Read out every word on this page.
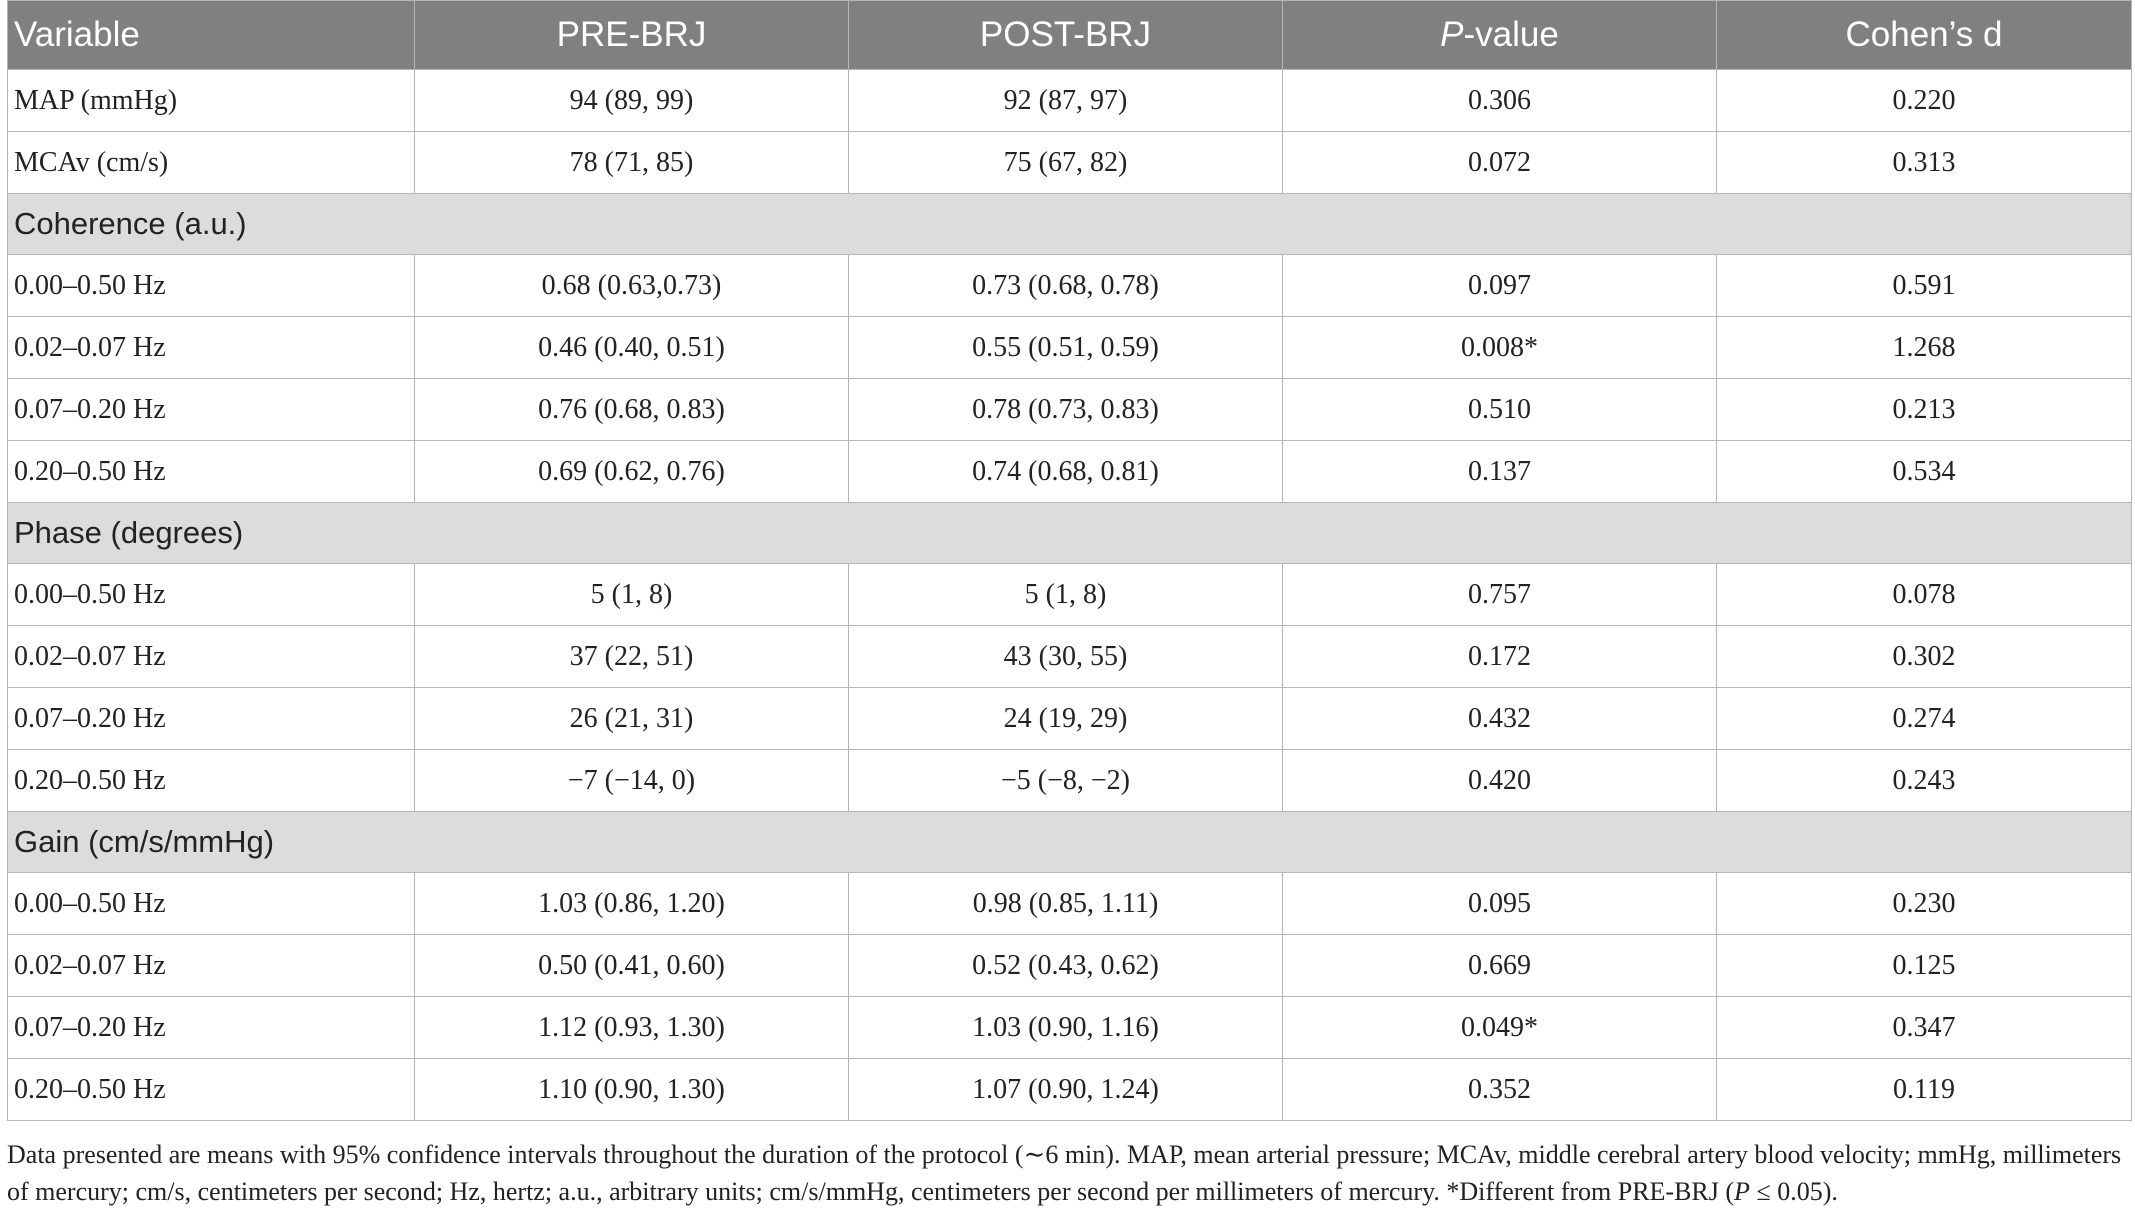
Variable	PRE-BRJ	POST-BRJ	P-value	Cohen’s d
MAP (mmHg)	94 (89, 99)	92 (87, 97)	0.306	0.220
MCAv (cm/s)	78 (71, 85)	75 (67, 82)	0.072	0.313
Coherence (a.u.)				
0.00–0.50 Hz	0.68 (0.63,0.73)	0.73 (0.68, 0.78)	0.097	0.591
0.02–0.07 Hz	0.46 (0.40, 0.51)	0.55 (0.51, 0.59)	0.008*	1.268
0.07–0.20 Hz	0.76 (0.68, 0.83)	0.78 (0.73, 0.83)	0.510	0.213
0.20–0.50 Hz	0.69 (0.62, 0.76)	0.74 (0.68, 0.81)	0.137	0.534
Phase (degrees)				
0.00–0.50 Hz	5 (1, 8)	5 (1, 8)	0.757	0.078
0.02–0.07 Hz	37 (22, 51)	43 (30, 55)	0.172	0.302
0.07–0.20 Hz	26 (21, 31)	24 (19, 29)	0.432	0.274
0.20–0.50 Hz	−7 (−14, 0)	−5 (−8, −2)	0.420	0.243
Gain (cm/s/mmHg)				
0.00–0.50 Hz	1.03 (0.86, 1.20)	0.98 (0.85, 1.11)	0.095	0.230
0.02–0.07 Hz	0.50 (0.41, 0.60)	0.52 (0.43, 0.62)	0.669	0.125
0.07–0.20 Hz	1.12 (0.93, 1.30)	1.03 (0.90, 1.16)	0.049*	0.347
0.20–0.50 Hz	1.10 (0.90, 1.30)	1.07 (0.90, 1.24)	0.352	0.119
Data presented are means with 95% confidence intervals throughout the duration of the protocol (∼6 min). MAP, mean arterial pressure; MCAv, middle cerebral artery blood velocity; mmHg, millimeters of mercury; cm/s, centimeters per second; Hz, hertz; a.u., arbitrary units; cm/s/mmHg, centimeters per second per millimeters of mercury. *Different from PRE-BRJ (P ≤ 0.05).
